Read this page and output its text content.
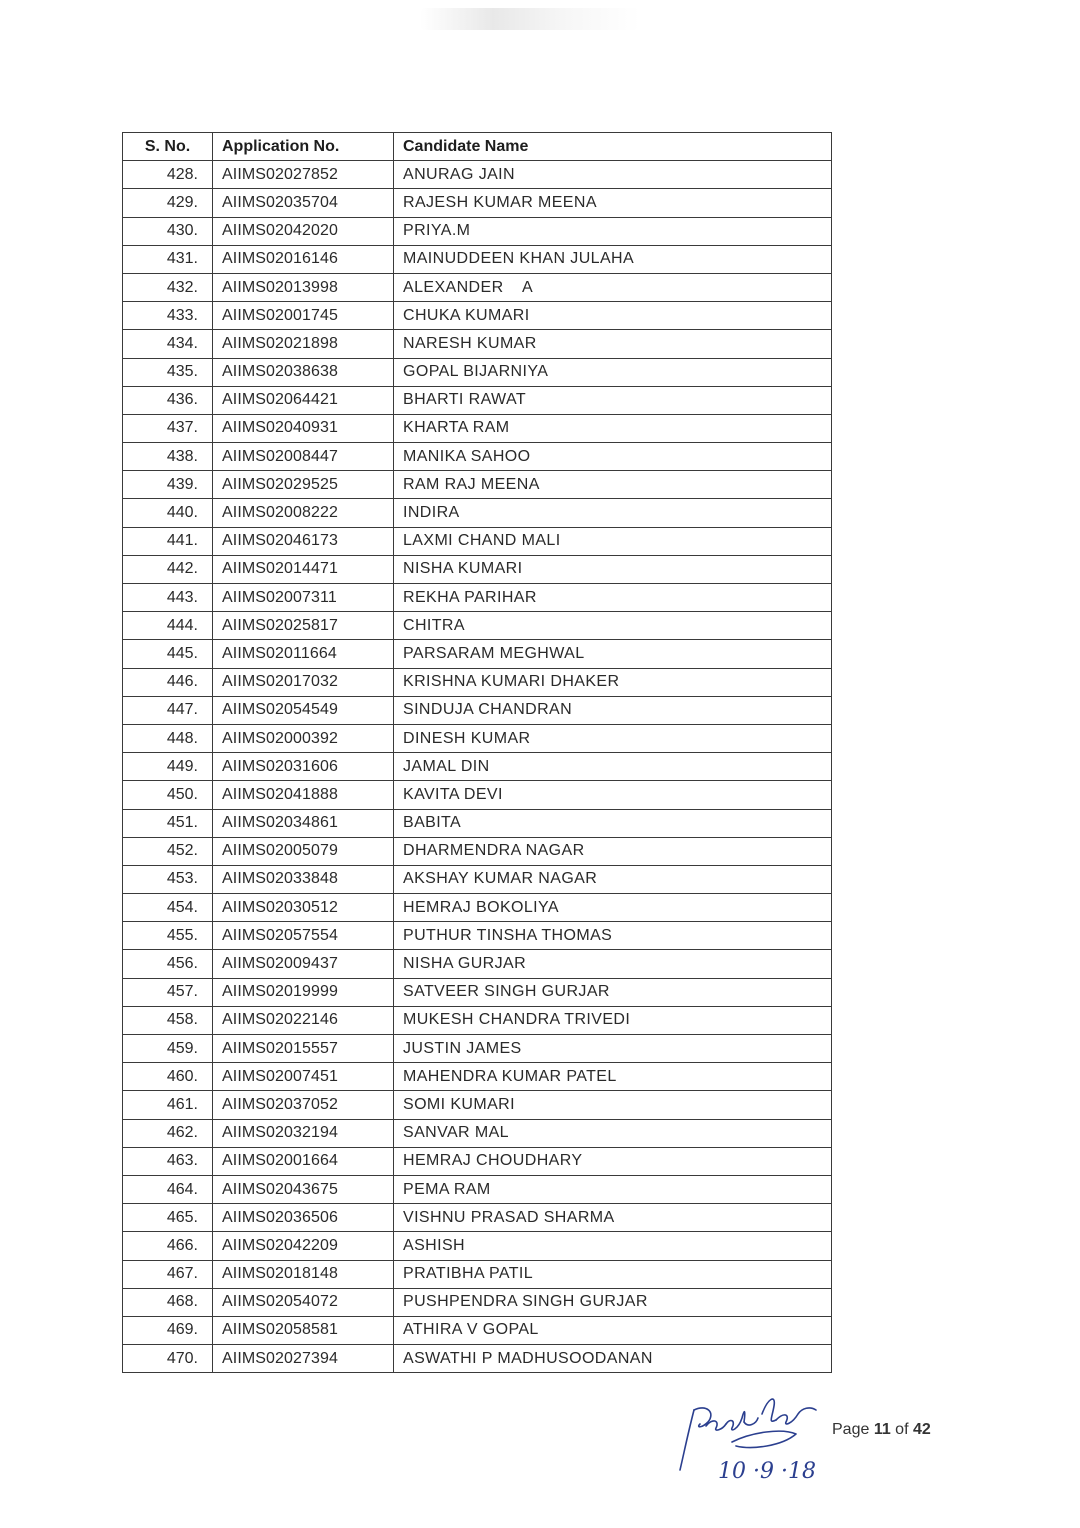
S. No.	Application No.	Candidate Name
428.	AIIMS02027852	ANURAG JAIN
429.	AIIMS02035704	RAJESH KUMAR MEENA
430.	AIIMS02042020	PRIYA.M
431.	AIIMS02016146	MAINUDDEEN KHAN JULAHA
432.	AIIMS02013998	ALEXANDER    A
433.	AIIMS02001745	CHUKA KUMARI
434.	AIIMS02021898	NARESH KUMAR
435.	AIIMS02038638	GOPAL BIJARNIYA
436.	AIIMS02064421	BHARTI RAWAT
437.	AIIMS02040931	KHARTA RAM
438.	AIIMS02008447	MANIKA SAHOO
439.	AIIMS02029525	RAM RAJ MEENA
440.	AIIMS02008222	INDIRA
441.	AIIMS02046173	LAXMI CHAND MALI
442.	AIIMS02014471	NISHA KUMARI
443.	AIIMS02007311	REKHA PARIHAR
444.	AIIMS02025817	CHITRA
445.	AIIMS02011664	PARSARAM MEGHWAL
446.	AIIMS02017032	KRISHNA KUMARI DHAKER
447.	AIIMS02054549	SINDUJA CHANDRAN
448.	AIIMS02000392	DINESH KUMAR
449.	AIIMS02031606	JAMAL DIN
450.	AIIMS02041888	KAVITA DEVI
451.	AIIMS02034861	BABITA
452.	AIIMS02005079	DHARMENDRA NAGAR
453.	AIIMS02033848	AKSHAY KUMAR NAGAR
454.	AIIMS02030512	HEMRAJ BOKOLIYA
455.	AIIMS02057554	PUTHUR TINSHA THOMAS
456.	AIIMS02009437	NISHA GURJAR
457.	AIIMS02019999	SATVEER SINGH GURJAR
458.	AIIMS02022146	MUKESH CHANDRA TRIVEDI
459.	AIIMS02015557	JUSTIN JAMES
460.	AIIMS02007451	MAHENDRA KUMAR PATEL
461.	AIIMS02037052	SOMI KUMARI
462.	AIIMS02032194	SANVAR MAL
463.	AIIMS02001664	HEMRAJ CHOUDHARY
464.	AIIMS02043675	PEMA RAM
465.	AIIMS02036506	VISHNU PRASAD SHARMA
466.	AIIMS02042209	ASHISH
467.	AIIMS02018148	PRATIBHA PATIL
468.	AIIMS02054072	PUSHPENDRA SINGH GURJAR
469.	AIIMS02058581	ATHIRA V GOPAL
470.	AIIMS02027394	ASWATHI P MADHUSOODANAN
10 ·9 ·18
Page 11 of 42
